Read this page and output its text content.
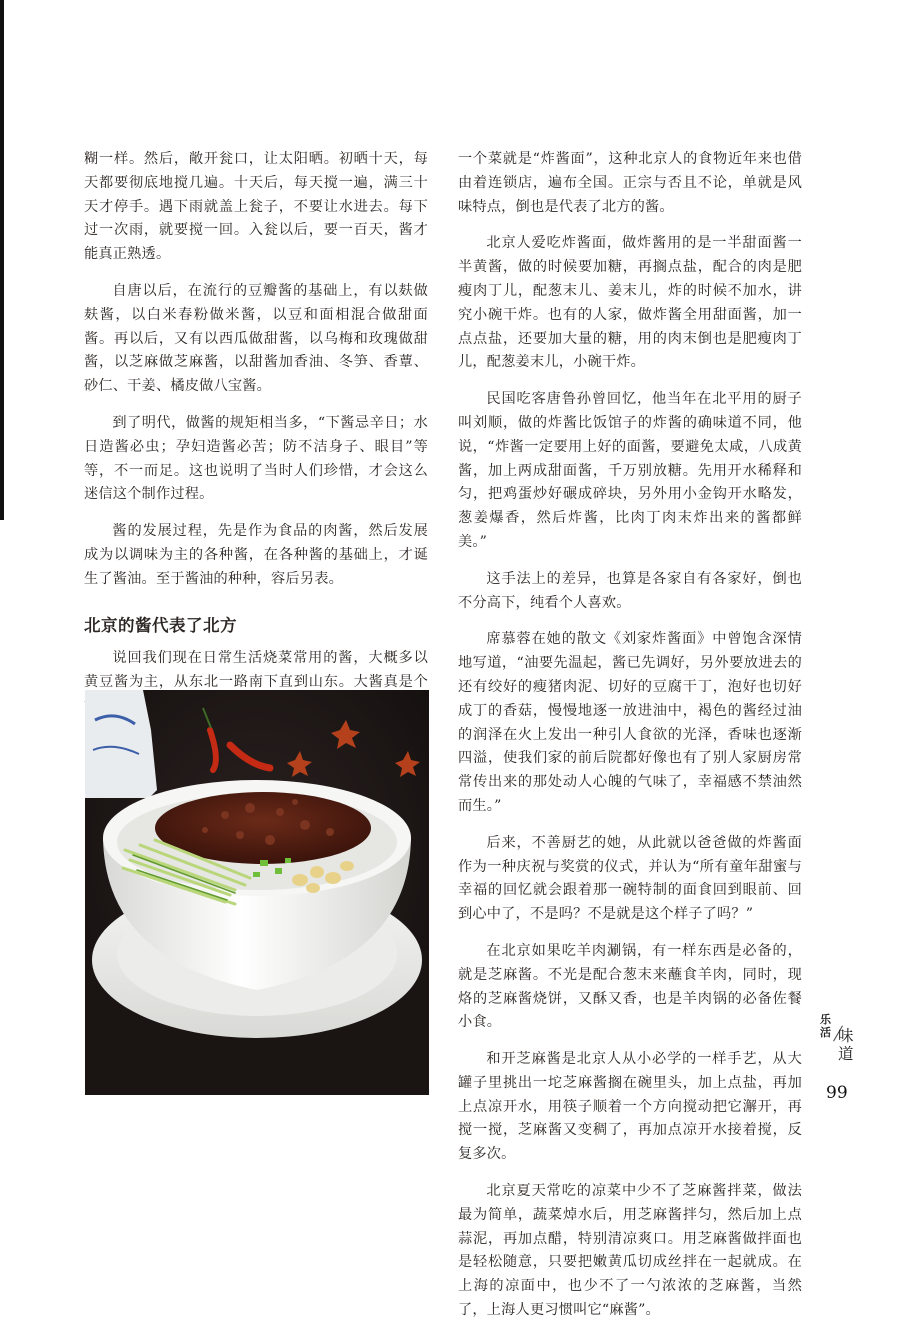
糊一样。然后，敞开瓮口，让太阳晒。初晒十天，每天都要彻底地搅几遍。十天后，每天搅一遍，满三十天才停手。遇下雨就盖上瓮子，不要让水进去。每下过一次雨，就要搅一回。入瓮以后，要一百天，酱才能真正熟透。

自唐以后，在流行的豆瓣酱的基础上，有以麸做麸酱，以白米春粉做米酱，以豆和面相混合做甜面酱。再以后，又有以西瓜做甜酱，以乌梅和玫瑰做甜酱，以芝麻做芝麻酱，以甜酱加香油、冬笋、香蕈、砂仁、干姜、橘皮做八宝酱。

到了明代，做酱的规矩相当多，“下酱忌辛日；水日造酱必虫；孕妇造酱必苦；防不洁身子、眼目”等等，不一而足。这也说明了当时人们珍惜，才会这么迷信这个制作过程。

酱的发展过程，先是作为食品的肉酱，然后发展成为以调味为主的各种酱，在各种酱的基础上，才诞生了酱油。至于酱油的种种，容后另表。

北京的酱代表了北方

说回我们现在日常生活烧菜常用的酱，大概多以黄豆酱为主，从东北一路南下直到山东。大酱真是个

一个菜就是“炸酱面”，这种北京人的食物近年来也借由着连锁店，遍布全国。正宗与否且不论，单就是风味特点，倒也是代表了北方的酱。

北京人爱吃炸酱面，做炸酱用的是一半甜面酱一半黄酱，做的时候要加糖，再搁点盐，配合的肉是肥瘦肉丁儿，配葱末儿、姜末儿，炸的时候不加水，讲究小碗干炸。也有的人家，做炸酱全用甜面酱，加一点点盐，还要加大量的糖，用的肉末倒也是肥瘦肉丁儿，配葱姜末儿，小碗干炸。

民国吃客唐鲁孙曾回忆，他当年在北平用的厨子叫刘顺，做的炸酱比饭馆子的炸酱的确味道不同，他说，“炸酱一定要用上好的面酱，要避免太咸，八成黄酱，加上两成甜面酱，千万别放糖。先用开水稀释和匀，把鸡蛋炒好碾成碎块，另外用小金钩开水略发，葱姜爆香，然后炸酱，比肉丁肉末炸出来的酱都鲜美。”

这手法上的差异，也算是各家自有各家好，倒也不分高下，纯看个人喜欢。

席慕蓉在她的散文《刘家炸酱面》中曾饱含深情地写道，“油要先温起，酱已先调好，另外要放进去的还有绞好的瘦猪肉泥、切好的豆腐干丁，泡好也切好成丁的香菇，慢慢地逐一放进油中，褐色的酱经过油的润泽在火上发出一种引人食欲的光泽，香味也逐渐四溢，使我们家的前后院都好像也有了别人家厨房常常传出来的那处动人心魄的气味了，幸福感不禁油然而生。”

后来，不善厨艺的她，从此就以爸爸做的炸酱面作为一种庆祝与奖赏的仪式，并认为“所有童年甜蜜与幸福的回忆就会跟着那一碗特制的面食回到眼前、回到心中了，不是吗？不是就是这个样子了吗？”

在北京如果吃羊肉涮锅，有一样东西是必备的，就是芝麻酱。不光是配合葱末来蘸食羊肉，同时，现烙的芝麻酱烧饼，又酥又香，也是羊肉锅的必备佐餐小食。

和开芝麻酱是北京人从小必学的一样手艺，从大罐子里挑出一坨芝麻酱搁在碗里头，加上点盐，再加上点凉开水，用筷子顺着一个方向搅动把它澥开，再搅一搅，芝麻酱又变稠了，再加点凉开水接着搅，反复多次。

北京夏天常吃的凉菜中少不了芝麻酱拌菜，做法最为简单，蔬菜焯水后，用芝麻酱拌匀，然后加上点蒜泥，再加点醋，特别清凉爽口。用芝麻酱做拌面也是轻松随意，只要把嫩黄瓜切成丝拌在一起就成。在上海的凉面中，也少不了一勺浓浓的芝麻酱，当然了，上海人更习惯叫它“麻酱”。

乐活 味道
99
